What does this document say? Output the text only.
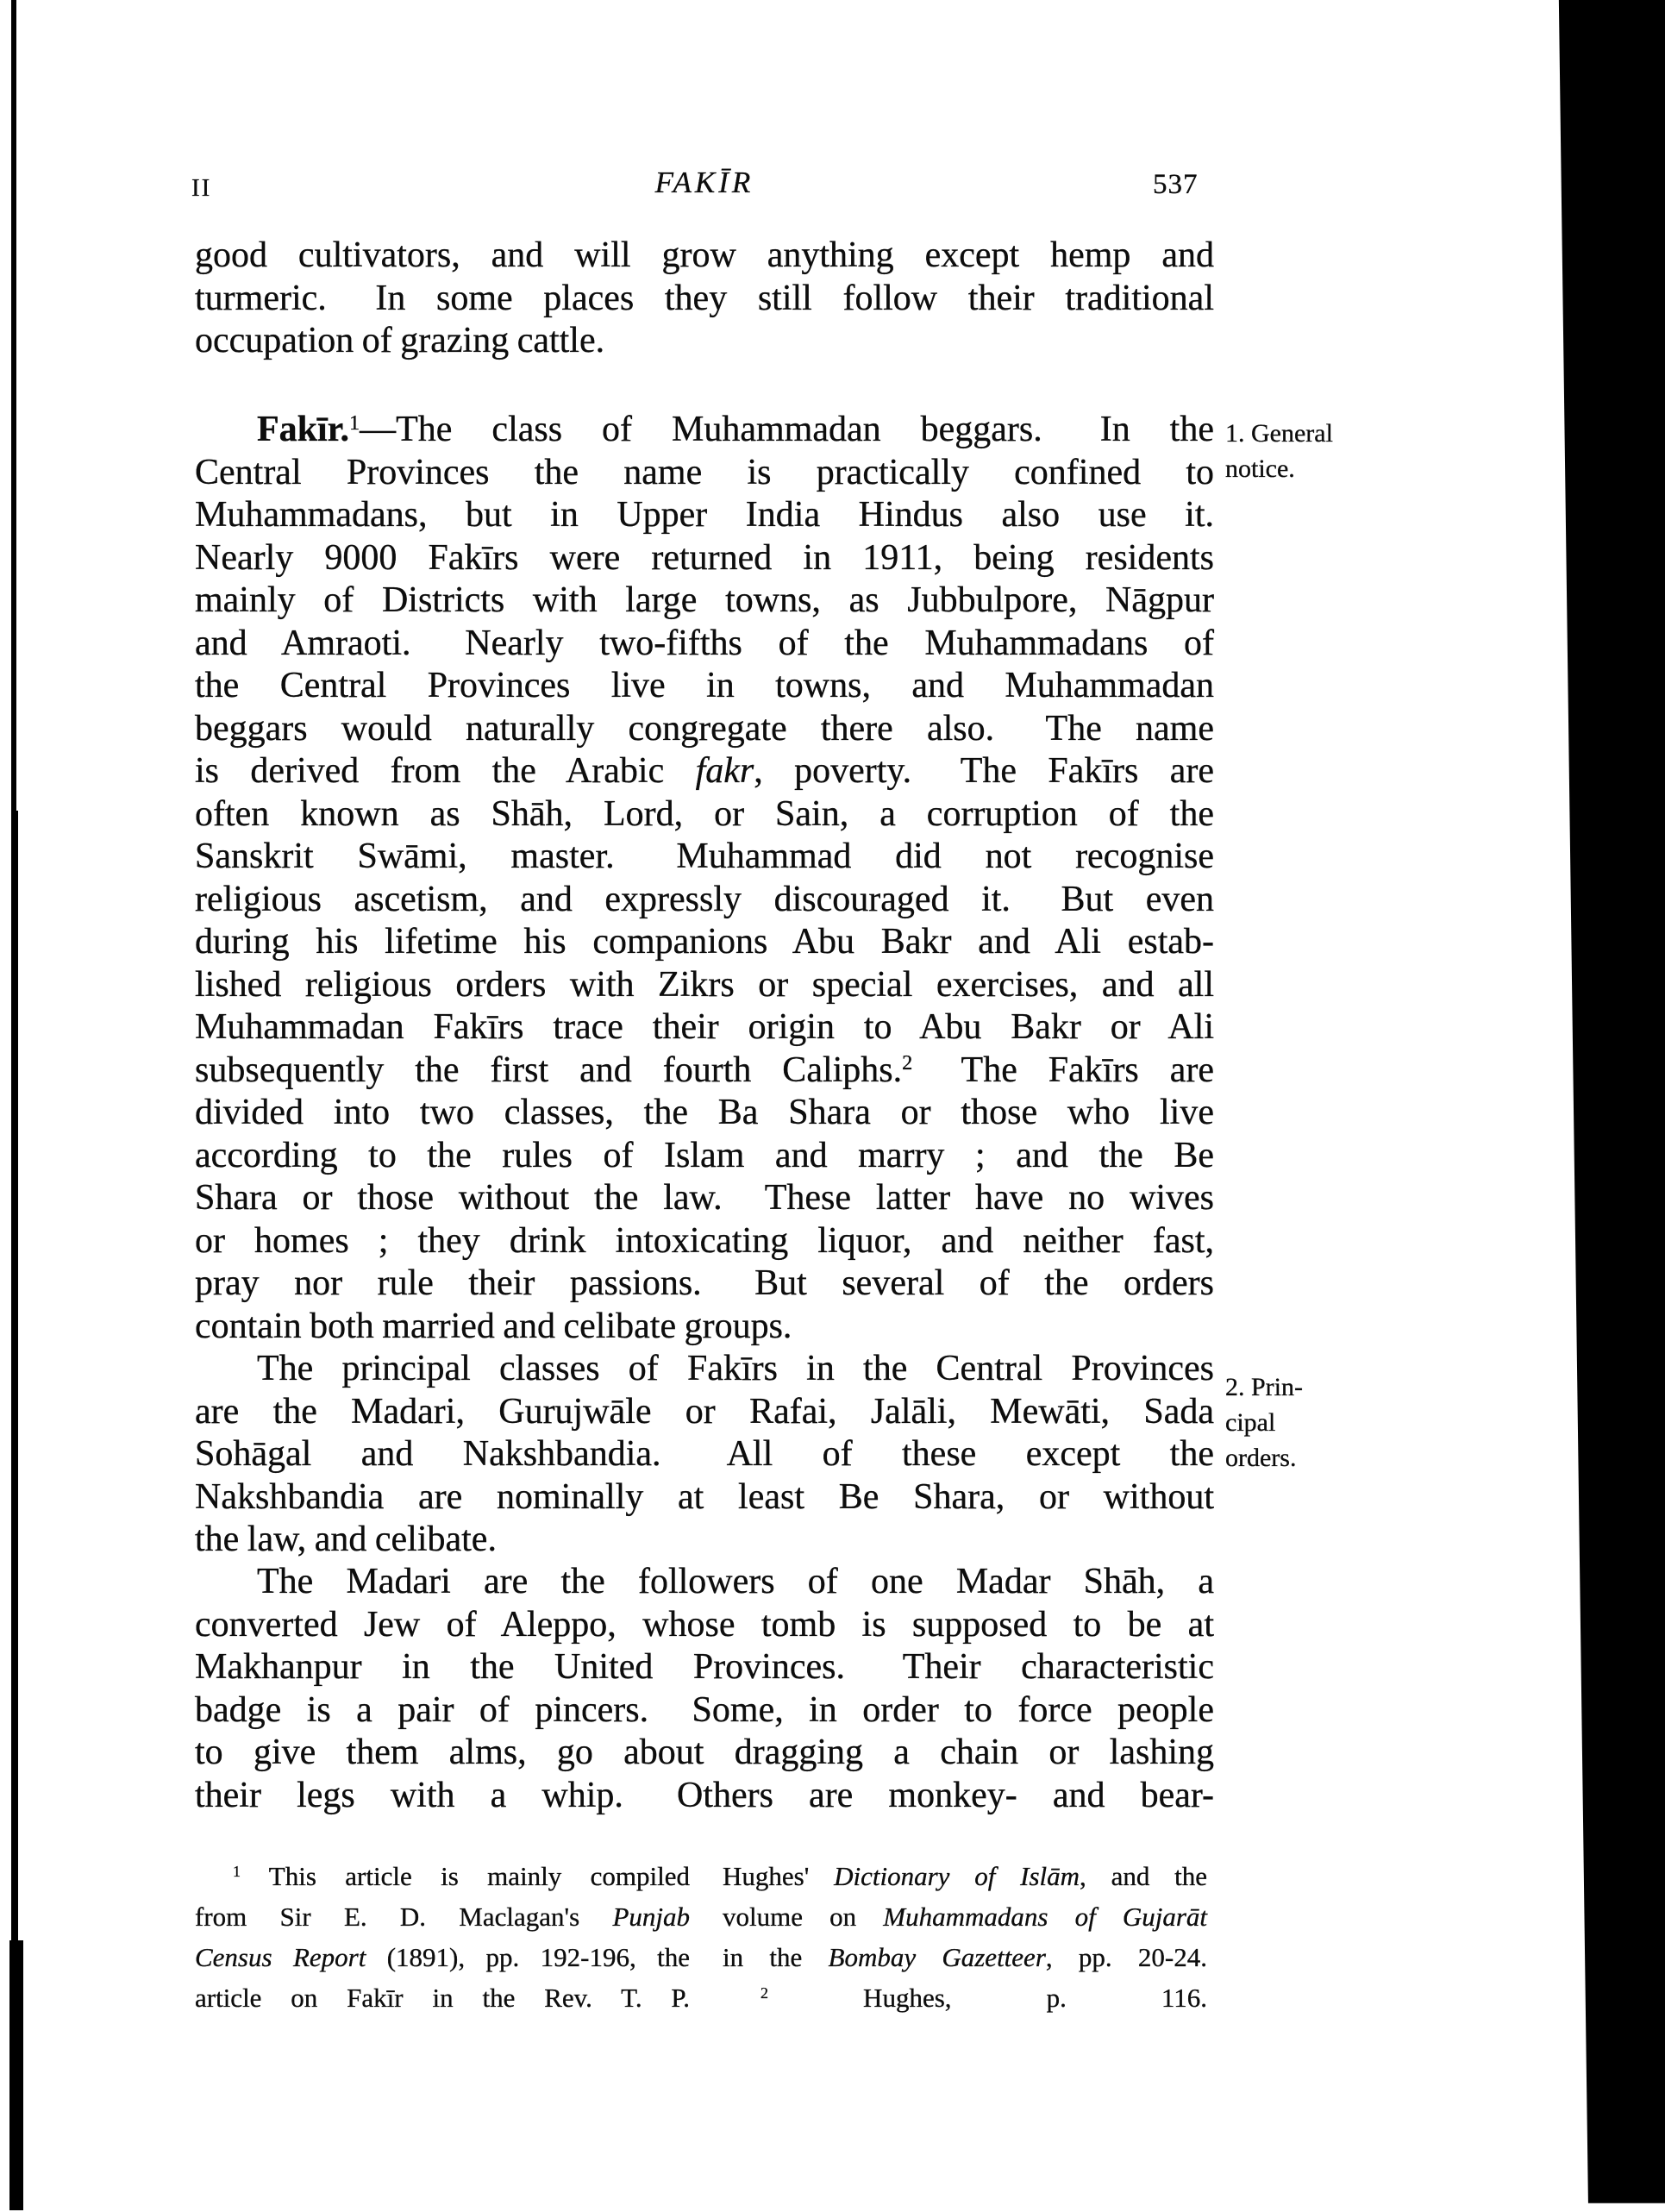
II	FAKĪR	537
good cultivators, and will grow anything except hemp and
turmeric.  In some places they still follow their traditional
occupation of grazing cattle.
Fakīr.$^1$—The class of Muhammadan beggars.  In the
Central Provinces the name is practically confined to
Muhammadans, but in Upper India Hindus also use it.
Nearly 9000 Fakīrs were returned in 1911, being residents
mainly of Districts with large towns, as Jubbulpore, Nāgpur
and Amraoti.  Nearly two-fifths of the Muhammadans of
the Central Provinces live in towns, and Muhammadan
beggars would naturally congregate there also.  The name
is derived from the Arabic fakr, poverty.  The Fakīrs are
often known as Shāh, Lord, or Sain, a corruption of the
Sanskrit Swāmi, master.  Muhammad did not recognise
religious ascetism, and expressly discouraged it.  But even
during his lifetime his companions Abu Bakr and Ali estab-
lished religious orders with Zikrs or special exercises, and all
Muhammadan Fakīrs trace their origin to Abu Bakr or Ali
subsequently the first and fourth Caliphs.$^2$  The Fakīrs are
divided into two classes, the Ba Shara or those who live
according to the rules of Islam and marry ; and the Be
Shara or those without the law.  These latter have no wives
or homes ; they drink intoxicating liquor, and neither fast,
pray nor rule their passions.  But several of the orders
contain both married and celibate groups.
The principal classes of Fakīrs in the Central Provinces
are the Madari, Gurujwāle or Rafai, Jalāli, Mewāti, Sada
Sohāgal and Nakshbandia.  All of these except the
Nakshbandia are nominally at least Be Shara, or without
the law, and celibate.
The Madari are the followers of one Madar Shāh, a
converted Jew of Aleppo, whose tomb is supposed to be at
Makhanpur in the United Provinces.  Their characteristic
badge is a pair of pincers.  Some, in order to force people
to give them alms, go about dragging a chain or lashing
their legs with a whip.  Others are monkey- and bear-
1. General
notice.
2. Prin-
cipal
orders.
$^1$ This article is mainly compiled
from Sir E. D. Maclagan's Punjab
Census Report (1891), pp. 192-196, the
article on Fakīr in the Rev. T. P.
Hughes' Dictionary of Islām, and the
volume on Muhammadans of Gujarāt
in the Bombay Gazetteer, pp. 20-24.
$^2$ Hughes, p. 116.
